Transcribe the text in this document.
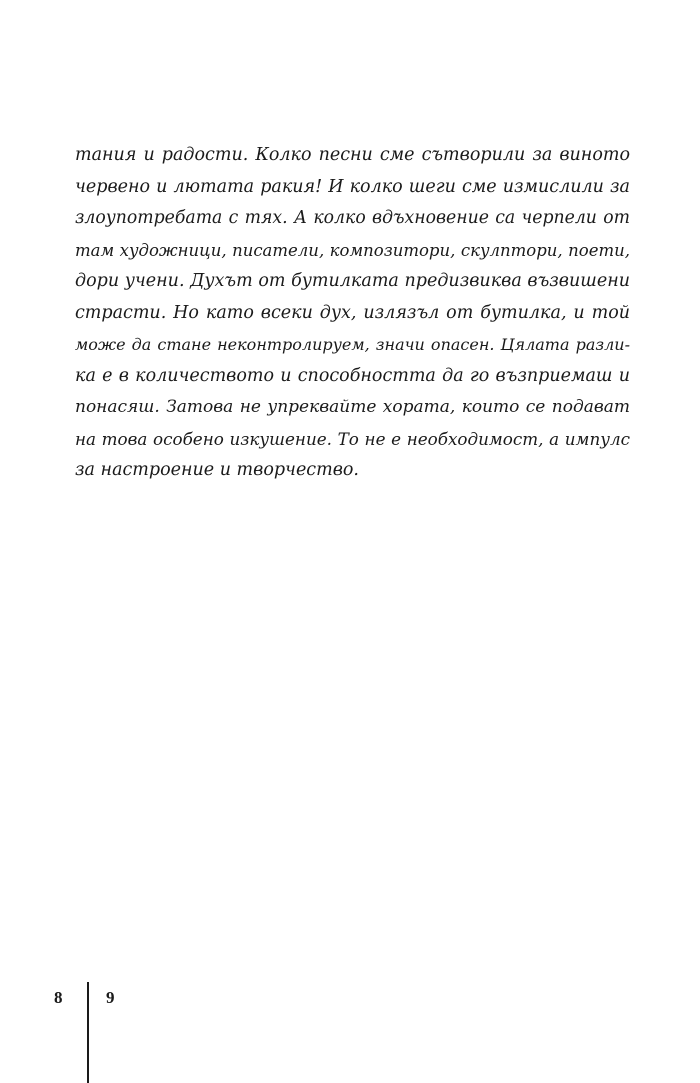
тания и радости. Колко песни сме сътворили за виното
червено и лютата ракия! И колко шеги сме измислили за
злоупотребата с тях. А колко вдъхновение са черпели от
там художници, писатели, композитори, скулптори, поети,
дори учени. Духът от бутилката предизвиква възвишени
страсти. Но като всеки дух, излязъл от бутилка, и той
може да стане неконтролируем, значи опасен. Цялата разли-
ка е в количеството и способността да го възприемаш и
понасяш. Затова не упреквайте хората, които се подават
на това особено изкушение. То не е необходимост, а импулс
за настроение и творчество.
8	9
